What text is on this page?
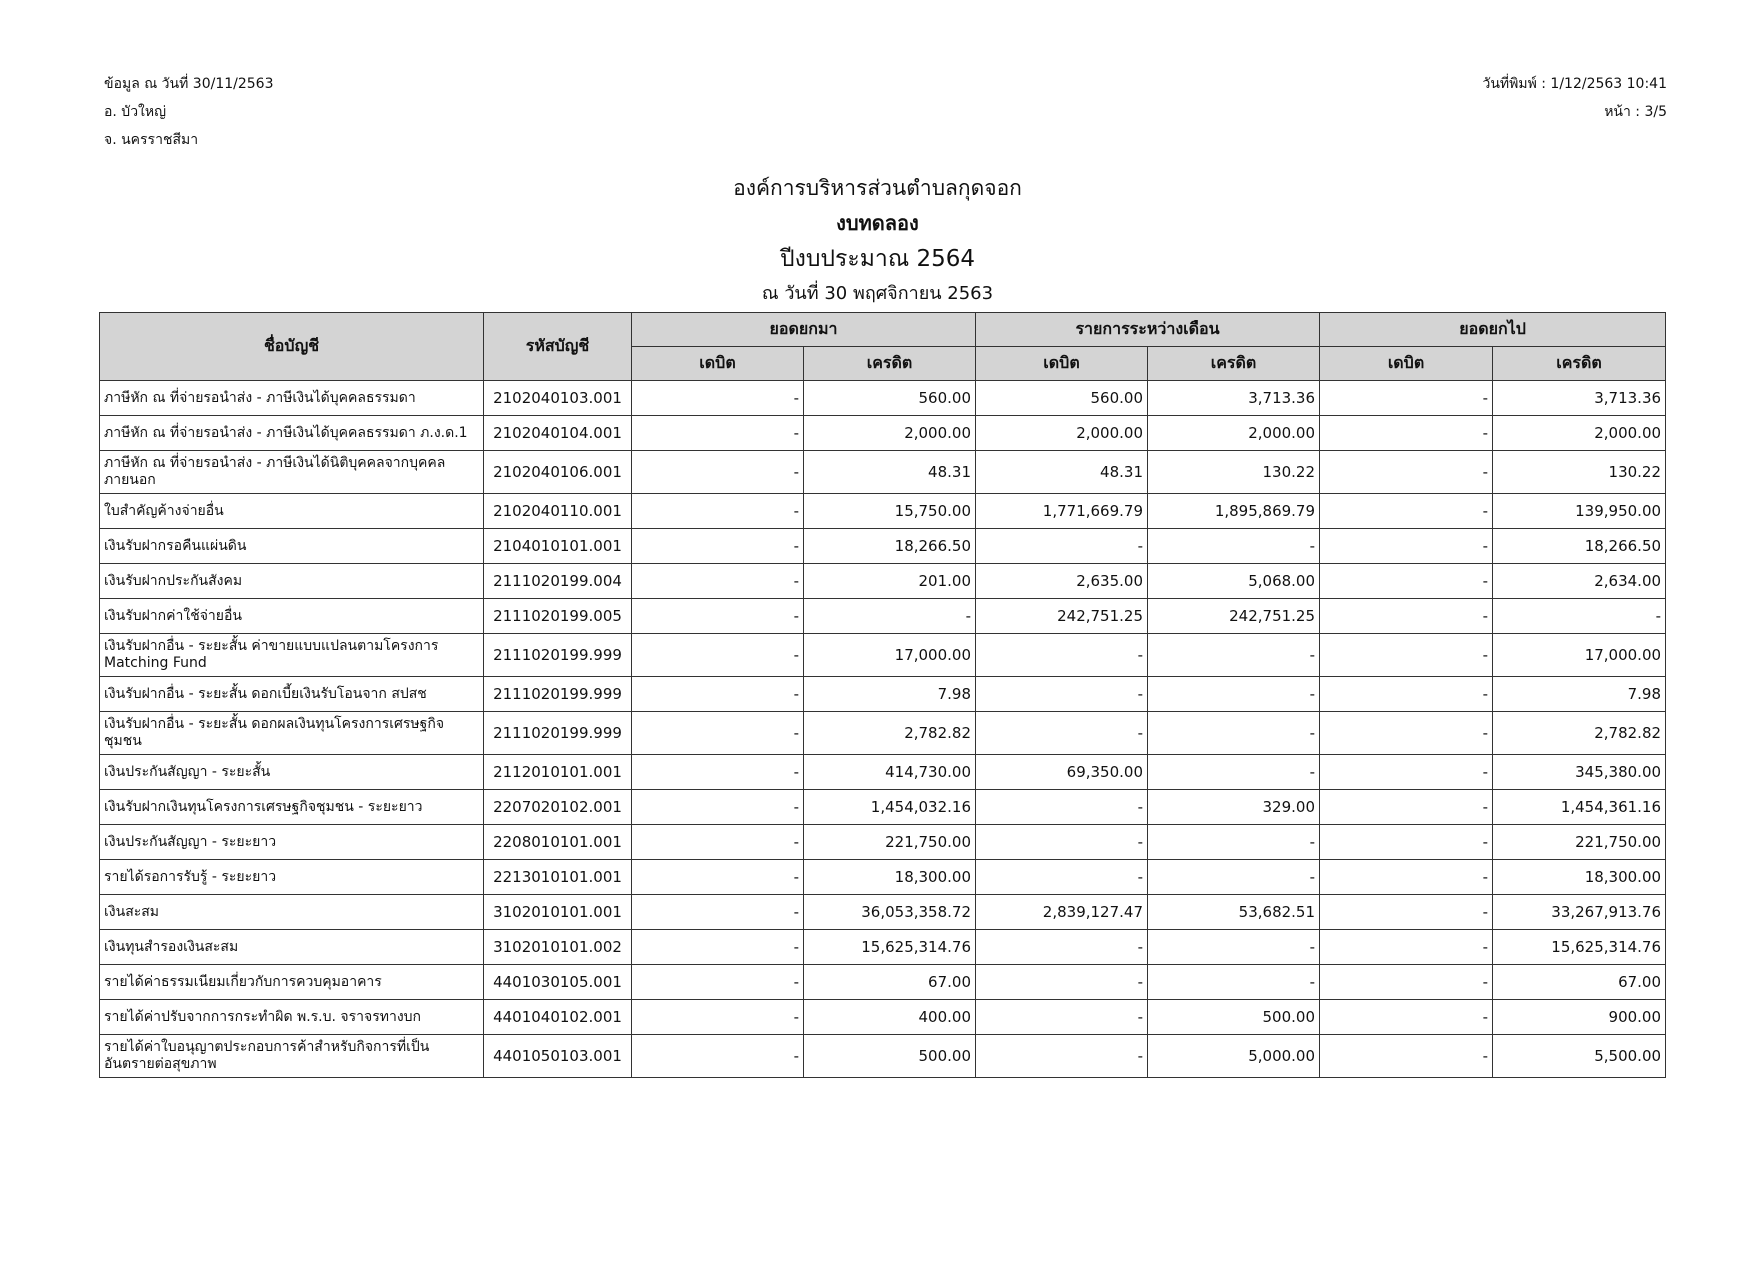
ข้อมูล ณ วันที่ 30/11/2563
อ. บัวใหญ่
จ. นครราชสีมา
วันที่พิมพ์ : 1/12/2563 10:41
หน้า : 3/5
องค์การบริหารส่วนตำบลกุดจอก
งบทดลอง
ปีงบประมาณ 2564
ณ วันที่ 30 พฤศจิกายน 2563
ชื่อบัญชี	รหัสบัญชี	ยอดยกมา		รายการระหว่างเดือน		ยอดยกไป	
		เดบิต	เครดิต	เดบิต	เครดิต	เดบิต	เครดิต
ภาษีหัก ณ ที่จ่ายรอนำส่ง - ภาษีเงินได้บุคคลธรรมดา	2102040103.001	-	560.00	560.00	3,713.36	-	3,713.36
ภาษีหัก ณ ที่จ่ายรอนำส่ง - ภาษีเงินได้บุคคลธรรมดา ภ.ง.ด.1	2102040104.001	-	2,000.00	2,000.00	2,000.00	-	2,000.00
ภาษีหัก ณ ที่จ่ายรอนำส่ง - ภาษีเงินได้นิติบุคคลจากบุคคลภายนอก	2102040106.001	-	48.31	48.31	130.22	-	130.22
ใบสำคัญค้างจ่ายอื่น	2102040110.001	-	15,750.00	1,771,669.79	1,895,869.79	-	139,950.00
เงินรับฝากรอคืนแผ่นดิน	2104010101.001	-	18,266.50	-	-	-	18,266.50
เงินรับฝากประกันสังคม	2111020199.004	-	201.00	2,635.00	5,068.00	-	2,634.00
เงินรับฝากค่าใช้จ่ายอื่น	2111020199.005	-	-	242,751.25	242,751.25	-	-
เงินรับฝากอื่น - ระยะสั้น ค่าขายแบบแปลนตามโครงการ Matching Fund	2111020199.999	-	17,000.00	-	-	-	17,000.00
เงินรับฝากอื่น - ระยะสั้น ดอกเบี้ยเงินรับโอนจาก สปสช	2111020199.999	-	7.98	-	-	-	7.98
เงินรับฝากอื่น - ระยะสั้น ดอกผลเงินทุนโครงการเศรษฐกิจชุมชน	2111020199.999	-	2,782.82	-	-	-	2,782.82
เงินประกันสัญญา - ระยะสั้น	2112010101.001	-	414,730.00	69,350.00	-	-	345,380.00
เงินรับฝากเงินทุนโครงการเศรษฐกิจชุมชน - ระยะยาว	2207020102.001	-	1,454,032.16	-	329.00	-	1,454,361.16
เงินประกันสัญญา - ระยะยาว	2208010101.001	-	221,750.00	-	-	-	221,750.00
รายได้รอการรับรู้ - ระยะยาว	2213010101.001	-	18,300.00	-	-	-	18,300.00
เงินสะสม	3102010101.001	-	36,053,358.72	2,839,127.47	53,682.51	-	33,267,913.76
เงินทุนสำรองเงินสะสม	3102010101.002	-	15,625,314.76	-	-	-	15,625,314.76
รายได้ค่าธรรมเนียมเกี่ยวกับการควบคุมอาคาร	4401030105.001	-	67.00	-	-	-	67.00
รายได้ค่าปรับจากการกระทำผิด พ.ร.บ. จราจรทางบก	4401040102.001	-	400.00	-	500.00	-	900.00
รายได้ค่าใบอนุญาตประกอบการค้าสำหรับกิจการที่เป็นอันตรายต่อสุขภาพ	4401050103.001	-	500.00	-	5,000.00	-	5,500.00
